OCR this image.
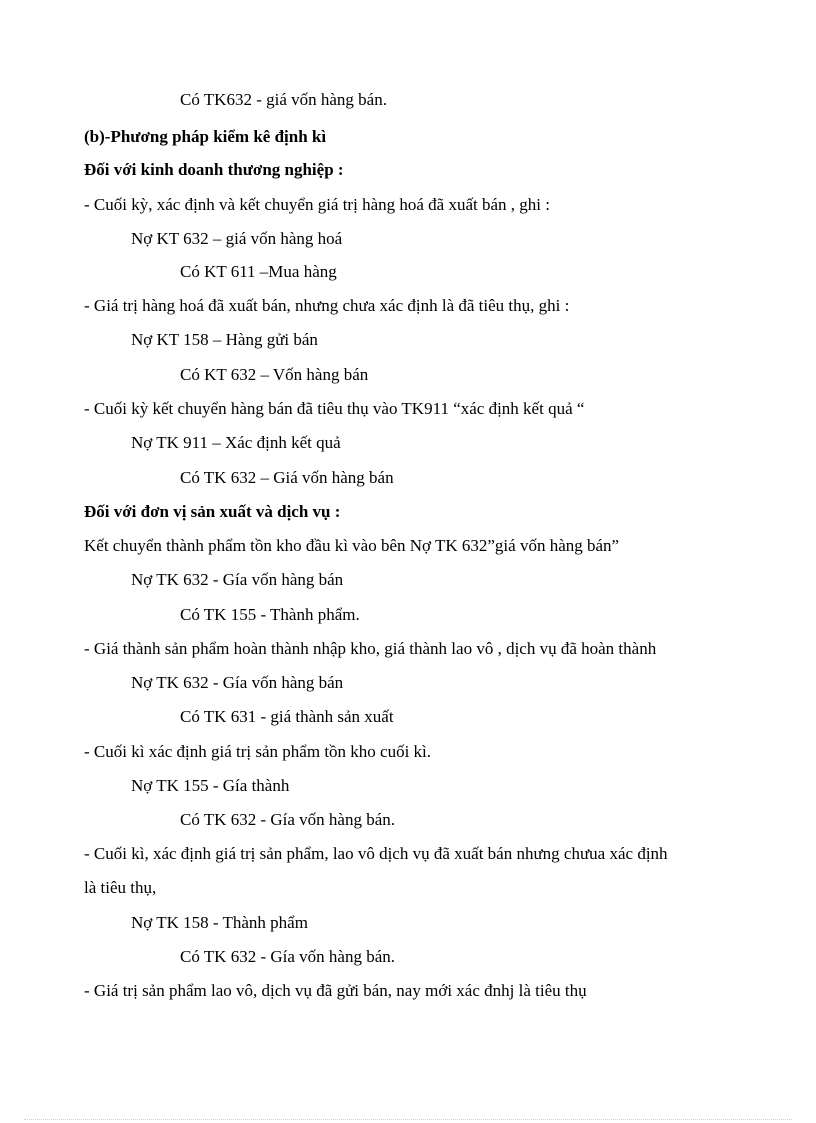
Có TK632 - giá vốn hàng bán.
(b)-Phương pháp kiểm kê định kì
Đối với kinh doanh thương nghiệp :
- Cuối kỳ, xác định và kết chuyển giá trị hàng hoá đã xuất bán , ghi :
Nợ KT 632 – giá vốn hàng hoá
Có KT 611 –Mua hàng
- Giá trị hàng hoá đã xuất bán, nhưng chưa xác định là đã tiêu thụ, ghi :
Nợ KT 158 – Hàng gửi bán
Có KT 632 – Vốn hàng bán
- Cuối kỳ kết chuyển hàng bán đã tiêu thụ vào TK911 “xác định kết quả “
Nợ TK 911 – Xác định kết quả
Có TK 632 – Giá vốn hàng bán
Đối với đơn vị sản xuất và dịch vụ :
Kết chuyển thành phẩm tồn kho đầu kì vào bên Nợ TK 632”giá vốn hàng bán”
Nợ TK 632 - Gía vốn hàng bán
Có TK 155 - Thành phẩm.
- Giá thành sản phẩm hoàn thành nhập kho, giá thành lao vô , dịch vụ đã hoàn thành
Nợ TK 632 - Gía vốn hàng bán
Có TK 631 - giá thành sản xuất
- Cuối kì xác định giá trị sản phẩm tồn kho cuối kì.
Nợ TK 155 - Gía thành
Có TK 632 - Gía vốn hàng bán.
- Cuối kì, xác định giá trị sản phẩm, lao vô dịch vụ đã xuất bán nhưng chưua xác định
là tiêu thụ,
Nợ TK 158 - Thành phẩm
Có TK 632 - Gía vốn hàng bán.
- Giá trị sản phẩm lao vô, dịch vụ đã gửi bán, nay mới xác đnhj là tiêu thụ
